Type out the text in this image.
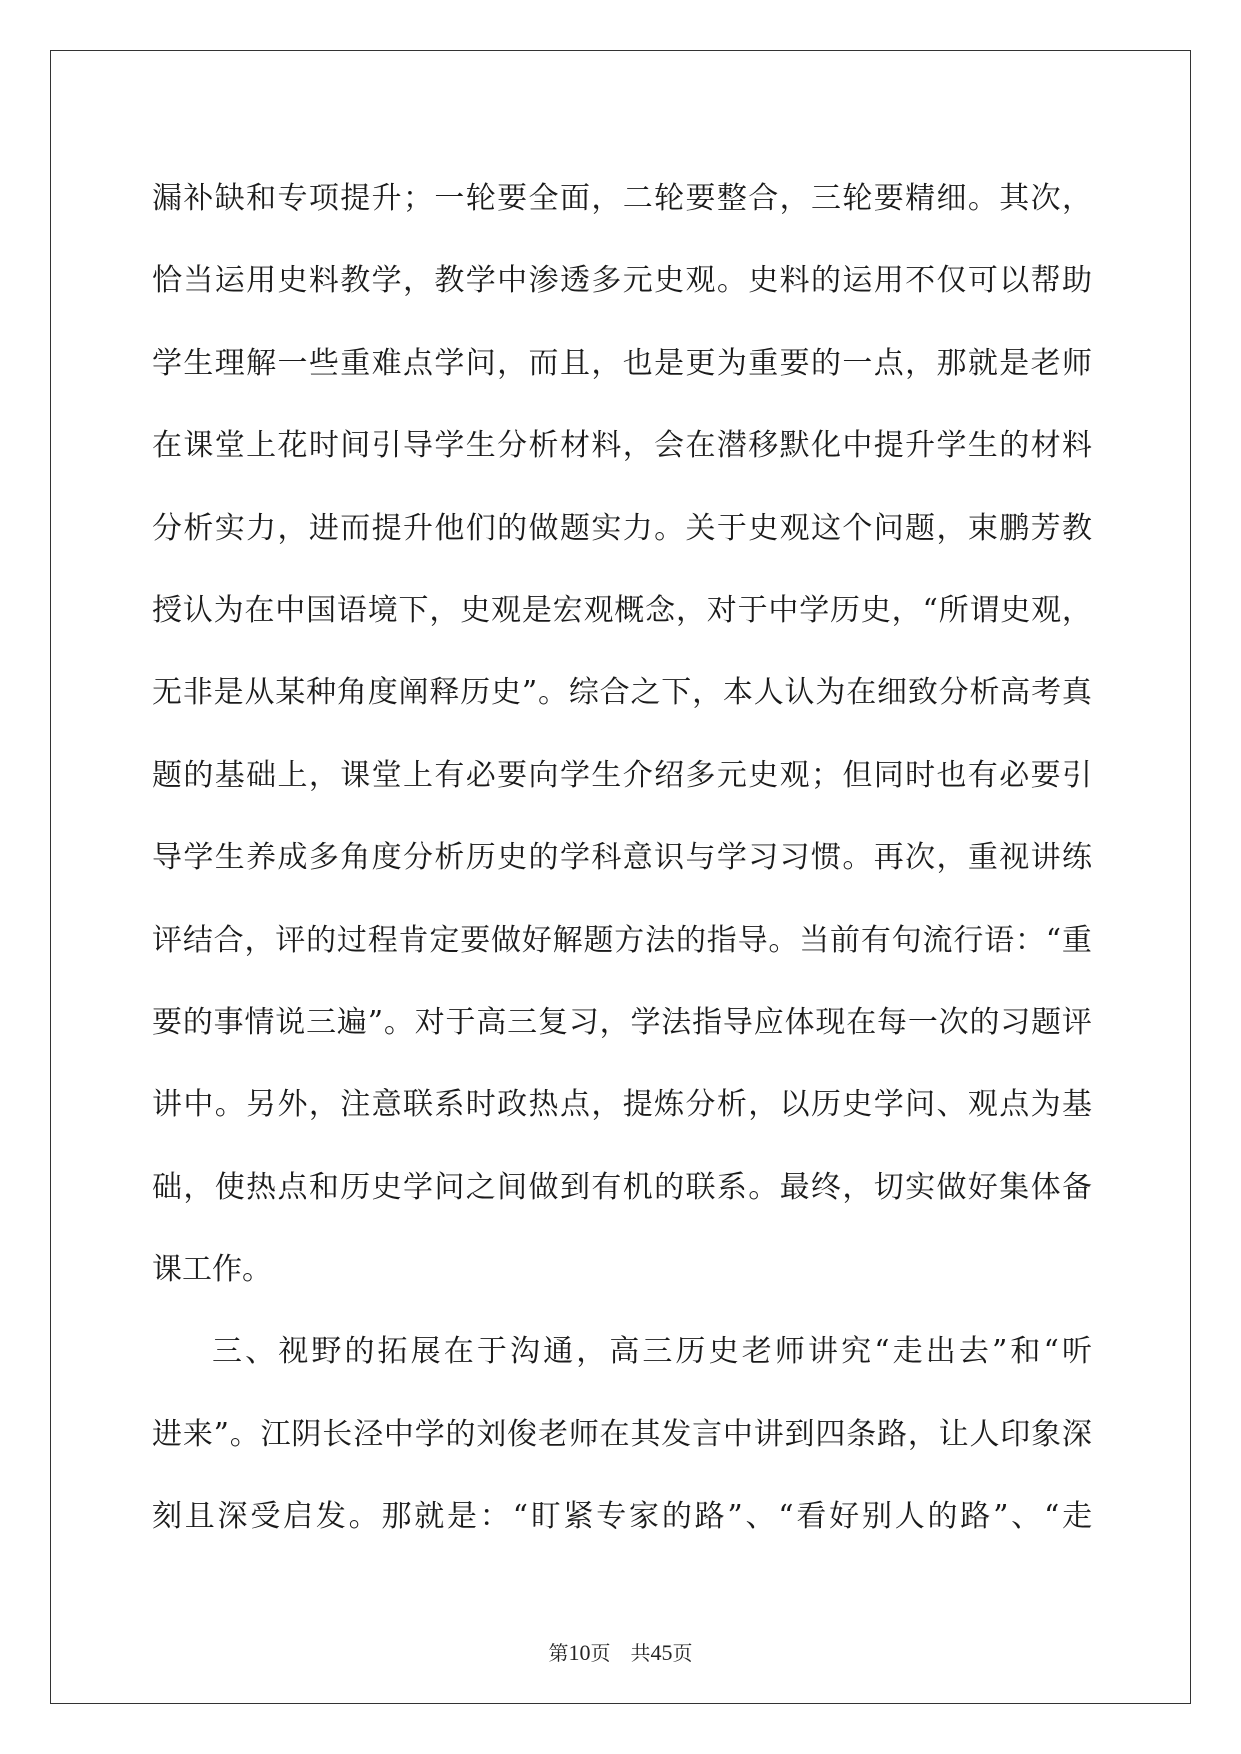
漏补缺和专项提升；一轮要全面，二轮要整合，三轮要精细。其次，
恰当运用史料教学，教学中渗透多元史观。史料的运用不仅可以帮助
学生理解一些重难点学问，而且，也是更为重要的一点，那就是老师
在课堂上花时间引导学生分析材料，会在潜移默化中提升学生的材料
分析实力，进而提升他们的做题实力。关于史观这个问题，束鹏芳教
授认为在中国语境下，史观是宏观概念，对于中学历史，“所谓史观，
无非是从某种角度阐释历史”。综合之下，本人认为在细致分析高考真
题的基础上，课堂上有必要向学生介绍多元史观；但同时也有必要引
导学生养成多角度分析历史的学科意识与学习习惯。再次，重视讲练
评结合，评的过程肯定要做好解题方法的指导。当前有句流行语：“重
要的事情说三遍”。对于高三复习，学法指导应体现在每一次的习题评
讲中。另外，注意联系时政热点，提炼分析，以历史学问、观点为基
础，使热点和历史学问之间做到有机的联系。最终，切实做好集体备
课工作。
三、视野的拓展在于沟通，高三历史老师讲究“走出去”和“听
进来”。江阴长泾中学的刘俊老师在其发言中讲到四条路，让人印象深
刻且深受启发。那就是：“盯紧专家的路”、“看好别人的路”、“走
第10页 共45页
